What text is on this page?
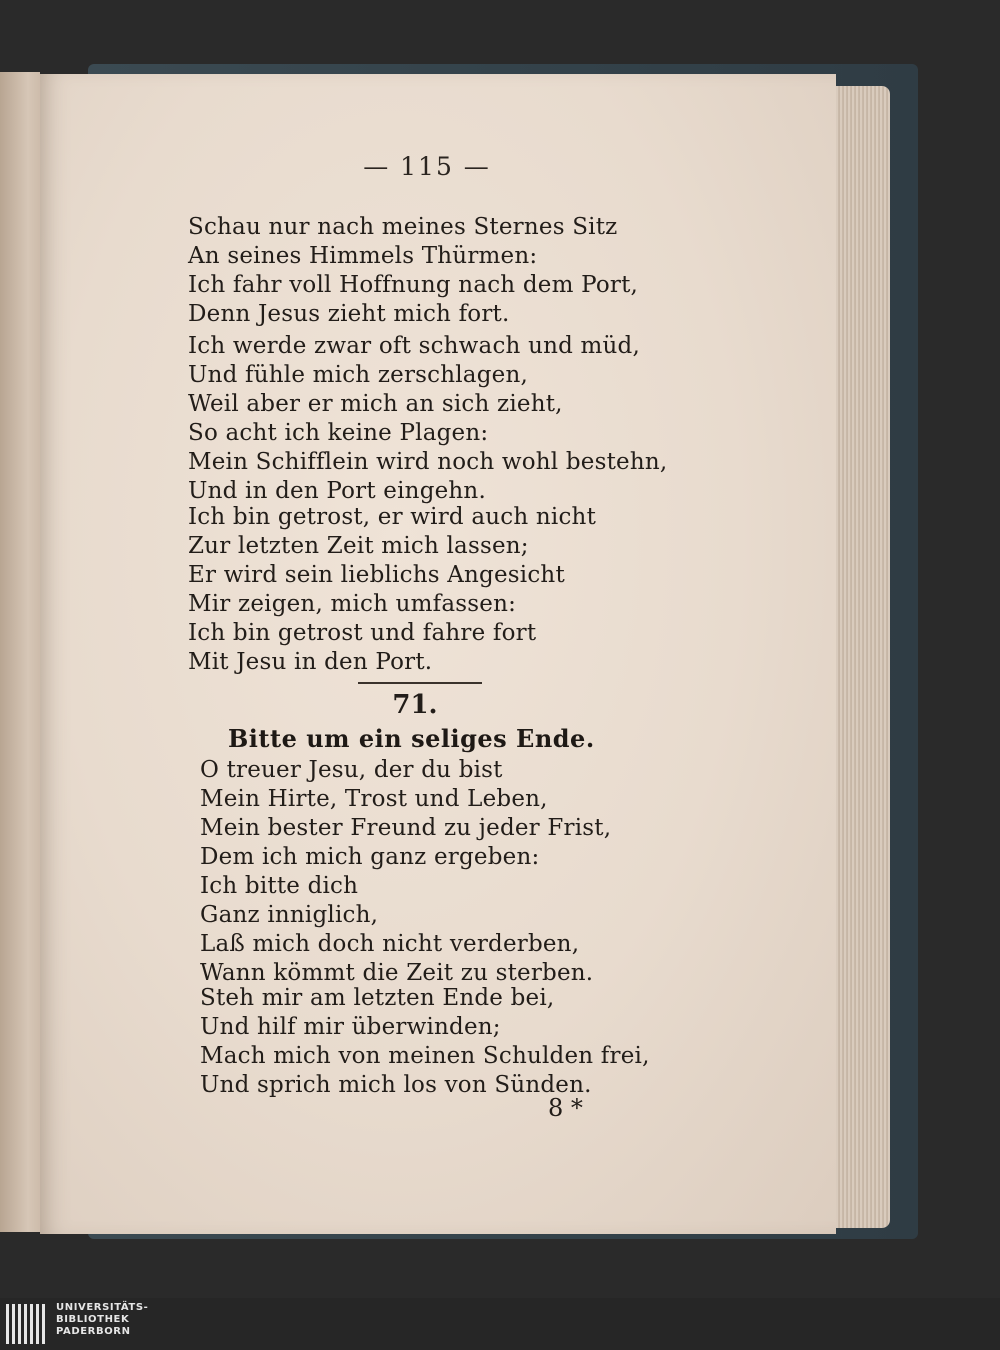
— 115 —
Schau nur nach meines Sternes Sitz
An seines Himmels Thürmen:
Ich fahr voll Hoffnung nach dem Port,
Denn Jesus zieht mich fort.
Ich werde zwar oft schwach und müd,
Und fühle mich zerschlagen,
Weil aber er mich an sich zieht,
So acht ich keine Plagen:
Mein Schifflein wird noch wohl bestehn,
Und in den Port eingehn.
Ich bin getrost, er wird auch nicht
Zur letzten Zeit mich lassen;
Er wird sein lieblichs Angesicht
Mir zeigen, mich umfassen:
Ich bin getrost und fahre fort
Mit Jesu in den Port.
71.
Bitte um ein seliges Ende.
O treuer Jesu, der du bist
Mein Hirte, Trost und Leben,
Mein bester Freund zu jeder Frist,
Dem ich mich ganz ergeben:
Ich bitte dich
Ganz inniglich,
Laß mich doch nicht verderben,
Wann kömmt die Zeit zu sterben.
Steh mir am letzten Ende bei,
Und hilf mir überwinden;
Mach mich von meinen Schulden frei,
Und sprich mich los von Sünden.
8 *
UNIVERSITÄTS-
BIBLIOTHEK
PADERBORN
